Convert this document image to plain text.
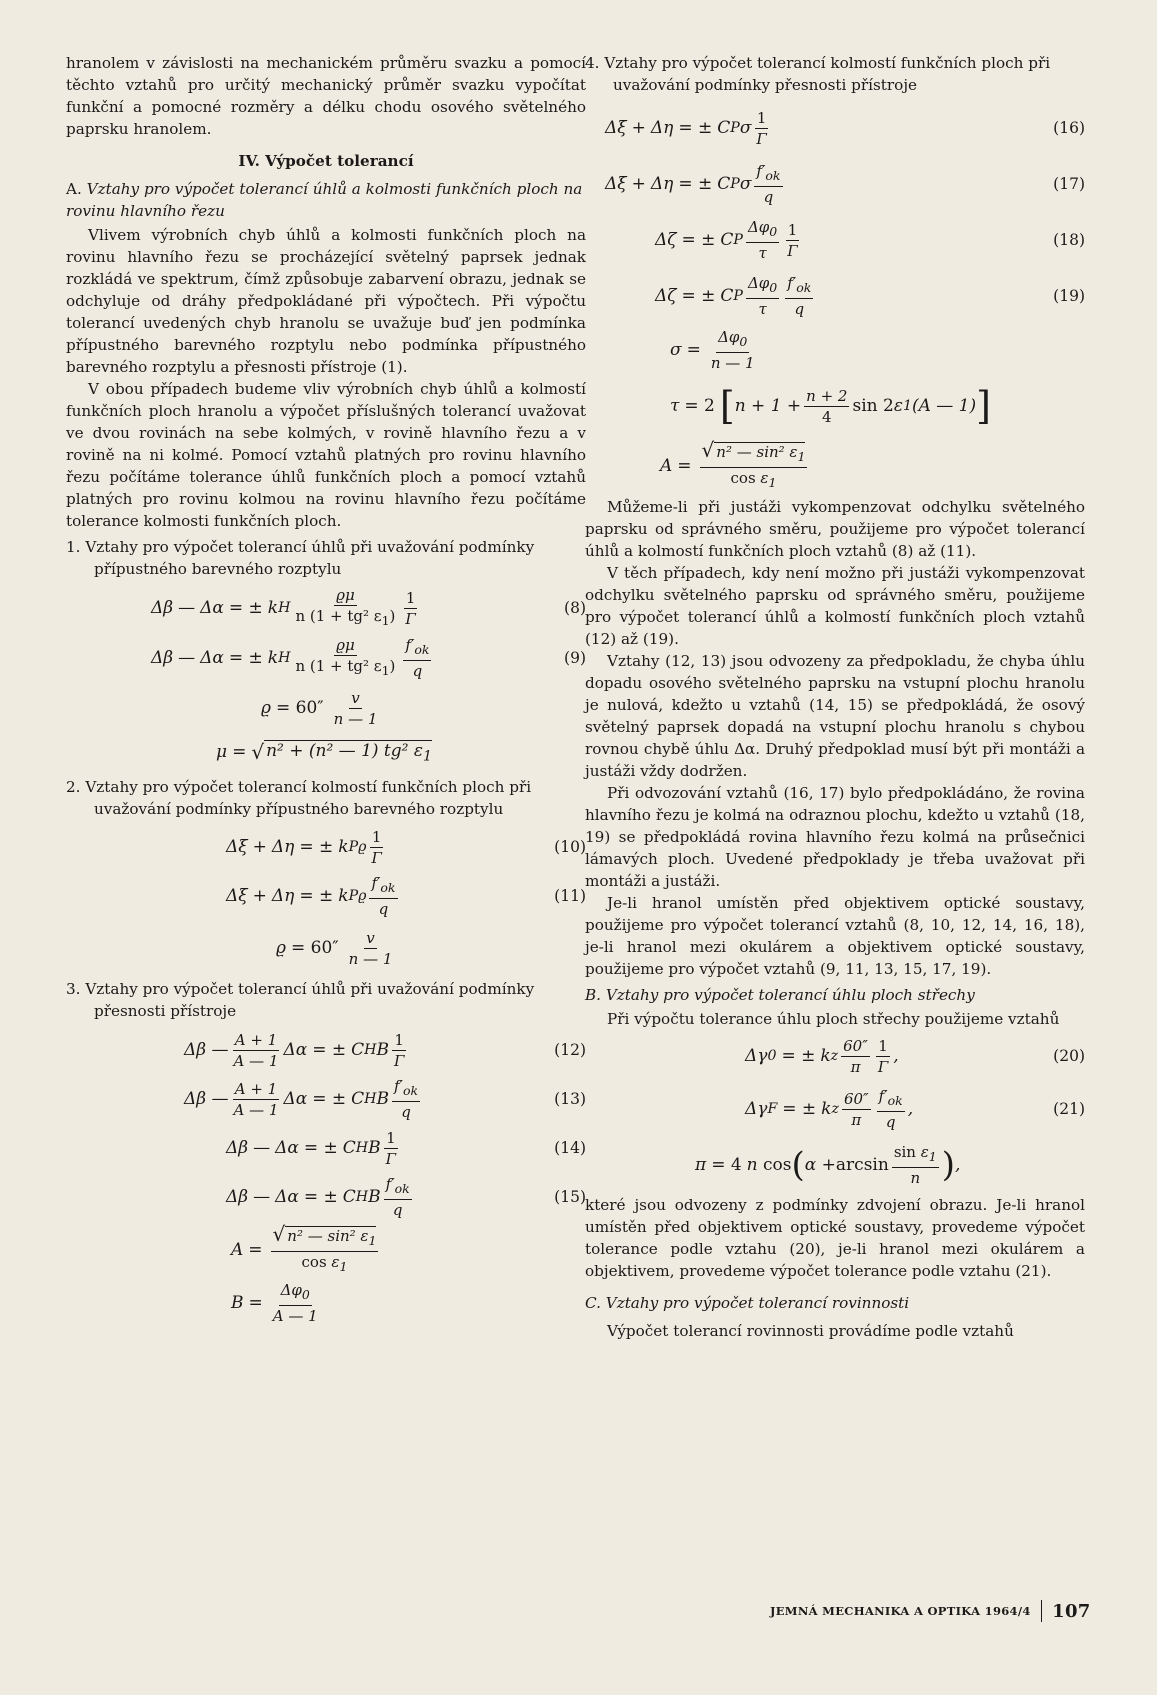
hranolem v závislosti na mechanickém průměru svazku a pomocí těchto vztahů pro určitý mechanický průměr svazku vypočítat funkční a pomocné rozměry a délku chodu osového světelného paprsku hranolem.

IV. Výpočet tolerancí
A. Vztahy pro výpočet tolerancí úhlů a kolmosti funkčních ploch na rovinu hlavního řezu

Vlivem výrobních chyb úhlů a kolmosti funkčních ploch na rovinu hlavního řezu se procházející světelný paprsek jednak rozkládá ve spektrum, čímž způsobuje zabarvení obrazu, jednak se odchyluje od dráhy předpokládané při výpočtech. Při výpočtu tolerancí uvedených chyb hranolu se uvažuje buď jen podmínka přípustného barevného rozptylu nebo podmínka přípustného barevného rozptylu a přesnosti přístroje (1).

V obou případech budeme vliv výrobních chyb úhlů a kolmostí funkčních ploch hranolu a výpočet příslušných tolerancí uvažovat ve dvou rovinách na sebe kolmých, v rovině hlavního řezu a v rovině na ni kolmé. Pomocí vztahů platných pro rovinu hlavního řezu počítáme tolerance úhlů funkčních ploch a pomocí vztahů platných pro rovinu kolmou na rovinu hlavního řezu počítáme tolerance kolmosti funkčních ploch.

1. Vztahy pro výpočet tolerancí úhlů při uvažování podmínky přípustného barevného rozptylu
Δβ — Δα = ± k H $\frac{ϱ\mu}{n (1 + tg^2 \varepsilon_1)} \frac{1}{\Gamma}$	(8)
Δβ — Δα = ± k H $\frac{ϱ\mu}{n (1 + tg^2 \varepsilon_1)} \frac{f'_{ok}}{q}$	(9)
$ϱ = 60'' \frac{v}{n — 1}$
μ = √ n² + (n² — 1) tg² $\varepsilon_1$
2. Vztahy pro výpočet tolerancí kolmostí funkčních ploch při uvažování podmínky přípustného barevného rozptylu
Δξ + Δη = ± k Pϱ $\frac{1}{\Gamma}$	(10)
Δξ + Δη = ± k Pϱ $\frac{f'_{ok}}{q}$	(11)
$ϱ = 60'' \frac{v}{n — 1}$
3. Vztahy pro výpočet tolerancí úhlů při uvažování podmínky přesnosti přístroje
Δβ — $\frac{A + 1}{A — 1}$ Δα = ± C H B $\frac{1}{\Gamma}$	(12)
Δβ — $\frac{A + 1}{A — 1}$ Δα = ± C H B $\frac{f'_{ok}}{q}$	(13)
Δβ — Δα = ± C H B $\frac{1}{\Gamma}$	(14)
Δβ — Δα = ± C H B $\frac{f'_{ok}}{q}$	(15)
$A = \frac{√ n^2 — \sin^2 \varepsilon_1}{\cos \varepsilon_1}$
$B = \frac{\Delta\varphi_0}{A — 1}$
4. Vztahy pro výpočet tolerancí kolmostí funkčních ploch při uvažování podmínky přesnosti přístroje
Δξ + Δη = ± C P σ $\frac{1}{\Gamma}$	(16)
Δξ + Δη = ± C P σ $\frac{f'_{ok}}{q}$	(17)
Δζ = ± C P $\frac{\Delta\varphi_0}{\tau} \frac{1}{\Gamma}$	(18)
Δζ = ± C P $\frac{\Delta\varphi_0}{\tau} \frac{f'_{ok}}{q}$	(19)
$\sigma = \frac{\Delta\varphi_0}{n — 1}$
τ = 2 [ $n + 1 + \frac{n + 2}{4}$ sin 2 ε 1 (A — 1) ]
$A = \frac{√ n^2 — \sin^2 \varepsilon_1}{\cos \varepsilon_1}$

Můžeme-li při justáži vykompenzovat odchylku světelného paprsku od správného směru, použijeme pro výpočet tolerancí úhlů a kolmostí funkčních ploch vztahů (8) až (11).

V těch případech, kdy není možno při justáži vykompenzovat odchylku světelného paprsku od správného směru, použijeme pro výpočet tolerancí úhlů a kolmostí funkčních ploch vztahů (12) až (19).

Vztahy (12, 13) jsou odvozeny za předpokladu, že chyba úhlu dopadu osového světelného paprsku na vstupní plochu hranolu je nulová, kdežto u vztahů (14, 15) se předpokládá, že osový světelný paprsek dopadá na vstupní plochu hranolu s chybou rovnou chybě úhlu Δα. Druhý předpoklad musí být při montáži a justáži vždy dodržen.

Při odvozování vztahů (16, 17) bylo předpokládáno, že rovina hlavního řezu je kolmá na odraznou plochu, kdežto u vztahů (18, 19) se předpokládá rovina hlavního řezu kolmá na průsečnici lámavých ploch. Uvedené předpoklady je třeba uvažovat při montáži a justáži.

Je-li hranol umístěn před objektivem optické soustavy, použijeme pro výpočet tolerancí vztahů (8, 10, 12, 14, 16, 18), je-li hranol mezi okulárem a objektivem optické soustavy, použijeme pro výpočet vztahů (9, 11, 13, 15, 17, 19).

B. Vztahy pro výpočet tolerancí úhlu ploch střechy

Při výpočtu tolerance úhlu ploch střechy použijeme vztahů

Δγ 0 = ± k z $\frac{60''}{\pi} \frac{1}{\Gamma}$ ,	(20)
Δγ F = ± k z $\frac{60''}{\pi} \frac{f'_{ok}}{q}$ ,	(21)
π = 4 n cos ( $\alpha + \arcsin \frac{\sin \varepsilon_1}{n}$ ) ,

které jsou odvozeny z podmínky zdvojení obrazu. Je-li hranol umístěn před objektivem optické soustavy, provedeme výpočet tolerance podle vztahu (20), je-li hranol mezi okulárem a objektivem, provedeme výpočet tolerance podle vztahu (21).

C. Vztahy pro výpočet tolerancí rovinnosti

Výpočet tolerancí rovinnosti provádíme podle vztahů

JEMNÁ MECHANIKA A OPTIKA 1964/4 107
